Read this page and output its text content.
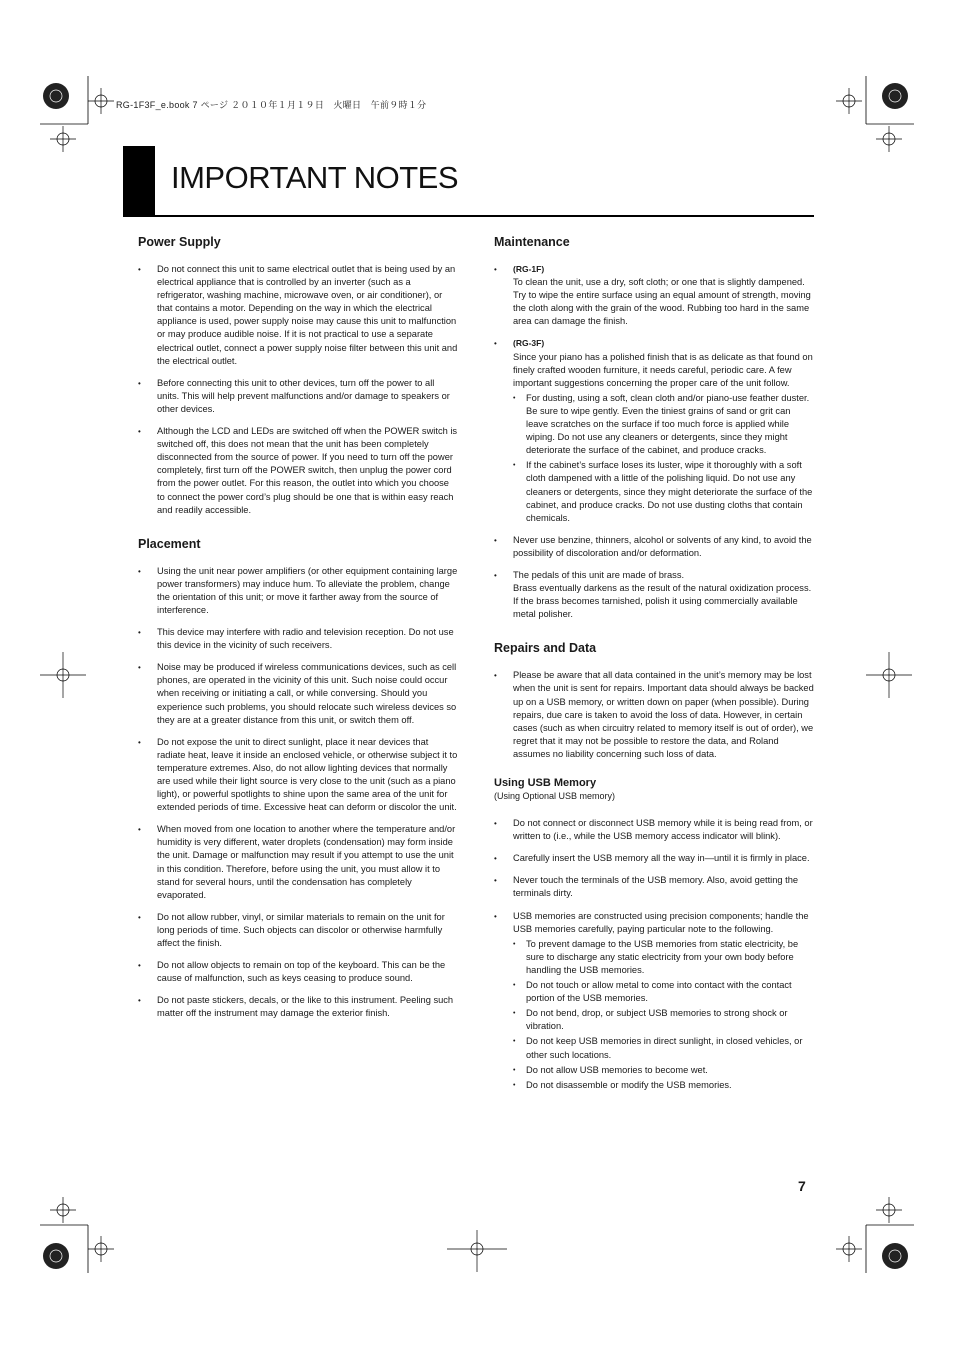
RG-1F3F_e.book 7 ページ ２０１０年１月１９日　火曜日　午前９時１分
IMPORTANT NOTES
Power Supply
• Do not connect this unit to same electrical outlet that is being used by an electrical appliance that is controlled by an inverter (such as a refrigerator, washing machine, microwave oven, or air conditioner), or that contains a motor. Depending on the way in which the electrical appliance is used, power supply noise may cause this unit to malfunction or may produce audible noise. If it is not practical to use a separate electrical outlet, connect a power supply noise filter between this unit and the electrical outlet.
• Before connecting this unit to other devices, turn off the power to all units. This will help prevent malfunctions and/or damage to speakers or other devices.
• Although the LCD and LEDs are switched off when the POWER switch is switched off, this does not mean that the unit has been completely disconnected from the source of power. If you need to turn off the power completely, first turn off the POWER switch, then unplug the power cord from the power outlet. For this reason, the outlet into which you choose to connect the power cord’s plug should be one that is within easy reach and readily accessible.
Placement
• Using the unit near power amplifiers (or other equipment containing large power transformers) may induce hum. To alleviate the problem, change the orientation of this unit; or move it farther away from the source of interference.
• This device may interfere with radio and television reception. Do not use this device in the vicinity of such receivers.
• Noise may be produced if wireless communications devices, such as cell phones, are operated in the vicinity of this unit. Such noise could occur when receiving or initiating a call, or while conversing. Should you experience such problems, you should relocate such wireless devices so they are at a greater distance from this unit, or switch them off.
• Do not expose the unit to direct sunlight, place it near devices that radiate heat, leave it inside an enclosed vehicle, or otherwise subject it to temperature extremes. Also, do not allow lighting devices that normally are used while their light source is very close to the unit (such as a piano light), or powerful spotlights to shine upon the same area of the unit for extended periods of time. Excessive heat can deform or discolor the unit.
• When moved from one location to another where the temperature and/or humidity is very different, water droplets (condensation) may form inside the unit. Damage or malfunction may result if you attempt to use the unit in this condition. Therefore, before using the unit, you must allow it to stand for several hours, until the condensation has completely evaporated.
• Do not allow rubber, vinyl, or similar materials to remain on the unit for long periods of time. Such objects can discolor or otherwise harmfully affect the finish.
• Do not allow objects to remain on top of the keyboard. This can be the cause of malfunction, such as keys ceasing to produce sound.
• Do not paste stickers, decals, or the like to this instrument. Peeling such matter off the instrument may damage the exterior finish.
Maintenance
• (RG-1F)
To clean the unit, use a dry, soft cloth; or one that is slightly dampened. Try to wipe the entire surface using an equal amount of strength, moving the cloth along with the grain of the wood. Rubbing too hard in the same area can damage the finish.
• (RG-3F)
Since your piano has a polished finish that is as delicate as that found on finely crafted wooden furniture, it needs careful, periodic care. A few important suggestions concerning the proper care of the unit follow.
• For dusting, using a soft, clean cloth and/or piano-use feather duster. Be sure to wipe gently. Even the tiniest grains of sand or grit can leave scratches on the surface if too much force is applied while wiping. Do not use any cleaners or detergents, since they might deteriorate the surface of the cabinet, and produce cracks.
• If the cabinet’s surface loses its luster, wipe it thoroughly with a soft cloth dampened with a little of the polishing liquid. Do not use any cleaners or detergents, since they might deteriorate the surface of the cabinet, and produce cracks. Do not use dusting cloths that contain chemicals.
• Never use benzine, thinners, alcohol or solvents of any kind, to avoid the possibility of discoloration and/or deformation.
• The pedals of this unit are made of brass.
Brass eventually darkens as the result of the natural oxidization process. If the brass becomes tarnished, polish it using commercially available metal polisher.
Repairs and Data
• Please be aware that all data contained in the unit’s memory may be lost when the unit is sent for repairs. Important data should always be backed up on a USB memory, or written down on paper (when possible). During repairs, due care is taken to avoid the loss of data. However, in certain cases (such as when circuitry related to memory itself is out of order), we regret that it may not be possible to restore the data, and Roland assumes no liability concerning such loss of data.
Using USB Memory
(Using Optional USB memory)
• Do not connect or disconnect USB memory while it is being read from, or written to (i.e., while the USB memory access indicator will blink).
• Carefully insert the USB memory all the way in—until it is firmly in place.
• Never touch the terminals of the USB memory. Also, avoid getting the terminals dirty.
• USB memories are constructed using precision components; handle the USB memories carefully, paying particular note to the following.
• To prevent damage to the USB memories from static electricity, be sure to discharge any static electricity from your own body before handling the USB memories.
• Do not touch or allow metal to come into contact with the contact portion of the USB memories.
• Do not bend, drop, or subject USB memories to strong shock or vibration.
• Do not keep USB memories in direct sunlight, in closed vehicles, or other such locations.
• Do not allow USB memories to become wet.
• Do not disassemble or modify the USB memories.
7
